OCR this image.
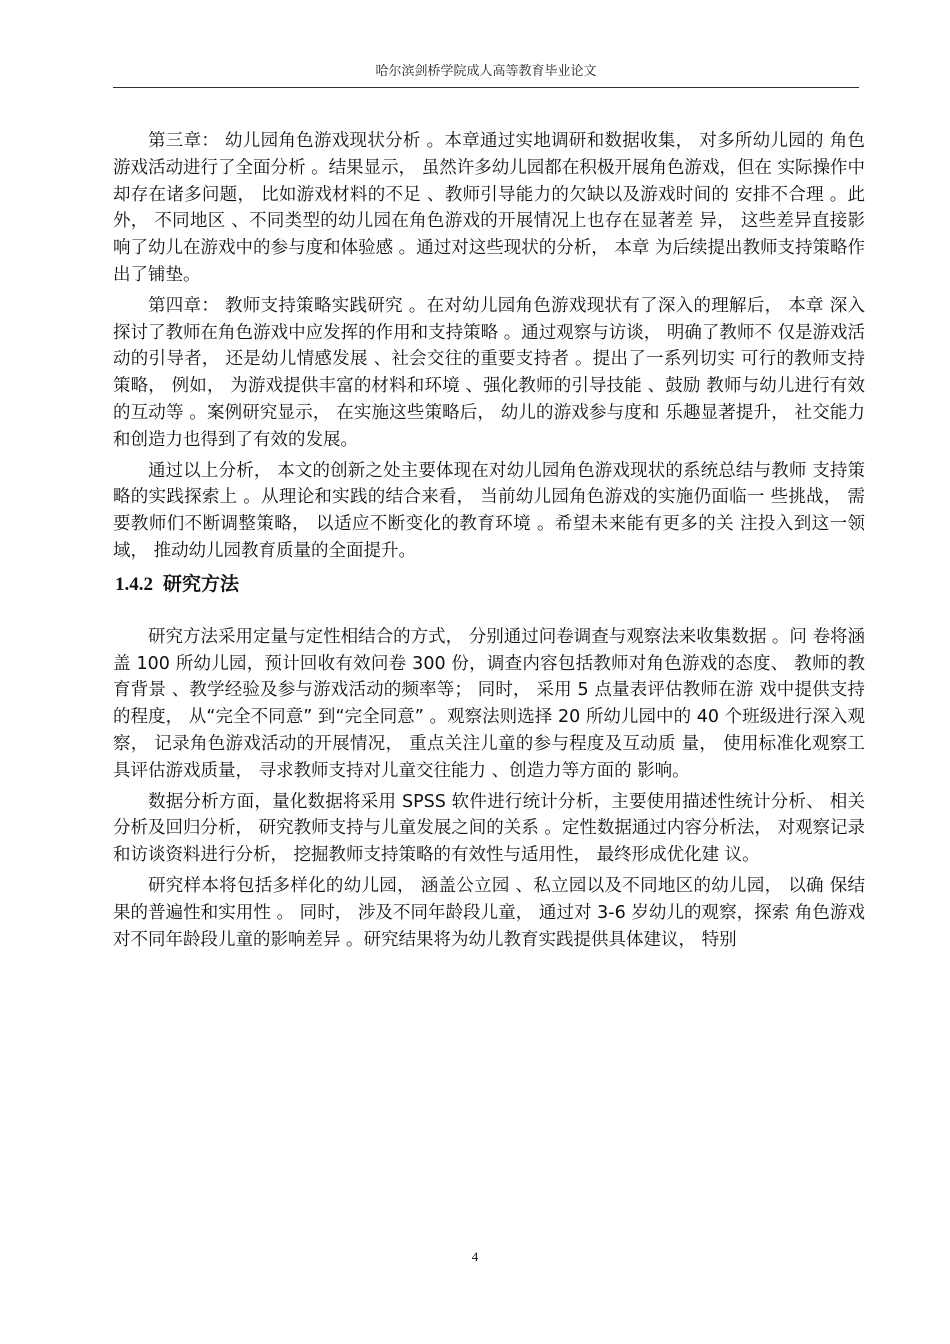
哈尔滨剑桥学院成人高等教育毕业论文

第三章： 幼儿园角色游戏现状分析 。本章通过实地调研和数据收集， 对多所幼儿园的 角色游戏活动进行了全面分析 。结果显示， 虽然许多幼儿园都在积极开展角色游戏，但在 实际操作中却存在诸多问题， 比如游戏材料的不足 、教师引导能力的欠缺以及游戏时间的 安排不合理 。此外， 不同地区 、不同类型的幼儿园在角色游戏的开展情况上也存在显著差 异， 这些差异直接影响了幼儿在游戏中的参与度和体验感 。通过对这些现状的分析， 本章 为后续提出教师支持策略作出了铺垫。

第四章： 教师支持策略实践研究 。在对幼儿园角色游戏现状有了深入的理解后， 本章 深入探讨了教师在角色游戏中应发挥的作用和支持策略 。通过观察与访谈， 明确了教师不 仅是游戏活动的引导者， 还是幼儿情感发展 、社会交往的重要支持者 。提出了一系列切实 可行的教师支持策略， 例如， 为游戏提供丰富的材料和环境 、强化教师的引导技能 、鼓励 教师与幼儿进行有效的互动等 。案例研究显示， 在实施这些策略后， 幼儿的游戏参与度和 乐趣显著提升， 社交能力和创造力也得到了有效的发展。

通过以上分析， 本文的创新之处主要体现在对幼儿园角色游戏现状的系统总结与教师 支持策略的实践探索上 。从理论和实践的结合来看， 当前幼儿园角色游戏的实施仍面临一 些挑战， 需要教师们不断调整策略， 以适应不断变化的教育环境 。希望未来能有更多的关 注投入到这一领域， 推动幼儿园教育质量的全面提升。

1.4.2 研究方法

研究方法采用定量与定性相结合的方式， 分别通过问卷调查与观察法来收集数据 。问 卷将涵盖 100 所幼儿园，预计回收有效问卷 300 份，调查内容包括教师对角色游戏的态度、 教师的教育背景 、教学经验及参与游戏活动的频率等； 同时， 采用 5 点量表评估教师在游 戏中提供支持的程度， 从“完全不同意” 到“完全同意” 。观察法则选择 20 所幼儿园中的 40 个班级进行深入观察， 记录角色游戏活动的开展情况， 重点关注儿童的参与程度及互动质 量， 使用标准化观察工具评估游戏质量， 寻求教师支持对儿童交往能力 、创造力等方面的 影响。

数据分析方面，量化数据将采用 SPSS 软件进行统计分析，主要使用描述性统计分析、 相关分析及回归分析， 研究教师支持与儿童发展之间的关系 。定性数据通过内容分析法， 对观察记录和访谈资料进行分析， 挖掘教师支持策略的有效性与适用性， 最终形成优化建 议。

研究样本将包括多样化的幼儿园， 涵盖公立园 、私立园以及不同地区的幼儿园， 以确 保结果的普遍性和实用性 。 同时， 涉及不同年龄段儿童， 通过对 3-6 岁幼儿的观察，探索 角色游戏对不同年龄段儿童的影响差异 。研究结果将为幼儿教育实践提供具体建议， 特别

4
